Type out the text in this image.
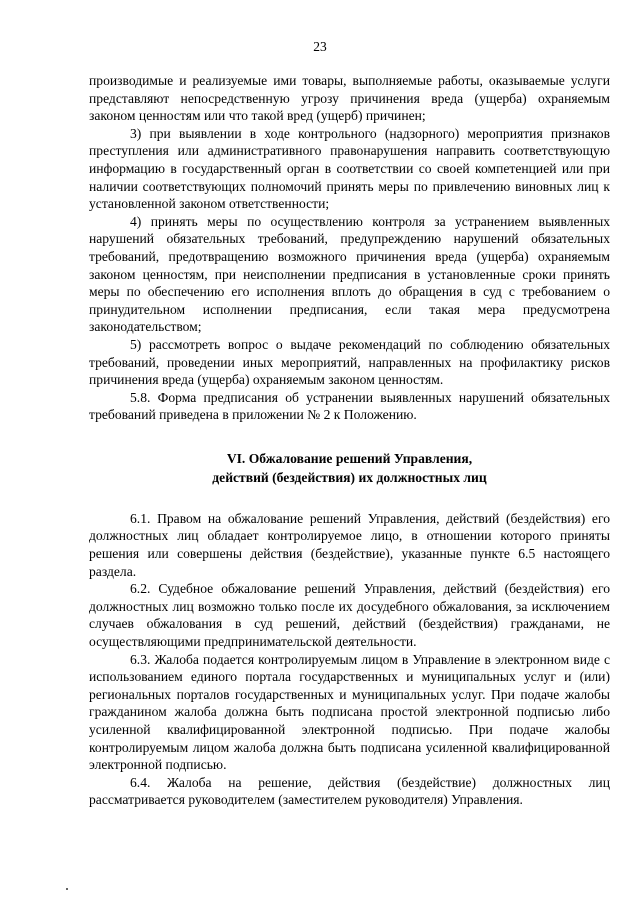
23

производимые и реализуемые ими товары, выполняемые работы, оказываемые услуги представляют непосредственную угрозу причинения вреда (ущерба) охраняемым законом ценностям или что такой вред (ущерб) причинен;

3) при выявлении в ходе контрольного (надзорного) мероприятия признаков преступления или административного правонарушения направить соответствующую информацию в государственный орган в соответствии со своей компетенцией или при наличии соответствующих полномочий принять меры по привлечению виновных лиц к установленной законом ответственности;

4) принять меры по осуществлению контроля за устранением выявленных нарушений обязательных требований, предупреждению нарушений обязательных требований, предотвращению возможного причинения вреда (ущерба) охраняемым законом ценностям, при неисполнении предписания в установленные сроки принять меры по обеспечению его исполнения вплоть до обращения в суд с требованием о принудительном исполнении предписания, если такая мера предусмотрена законодательством;

5) рассмотреть вопрос о выдаче рекомендаций по соблюдению обязательных требований, проведении иных мероприятий, направленных на профилактику рисков причинения вреда (ущерба) охраняемым законом ценностям.

5.8. Форма предписания об устранении выявленных нарушений обязательных требований приведена в приложении № 2 к Положению.

VI. Обжалование решений Управления,
действий (бездействия) их должностных лиц

6.1. Правом на обжалование решений Управления, действий (бездействия) его должностных лиц обладает контролируемое лицо, в отношении которого приняты решения или совершены действия (бездействие), указанные пункте 6.5 настоящего раздела.

6.2. Судебное обжалование решений Управления, действий (бездействия) его должностных лиц возможно только после их досудебного обжалования, за исключением случаев обжалования в суд решений, действий (бездействия) гражданами, не осуществляющими предпринимательской деятельности.

6.3. Жалоба подается контролируемым лицом в Управление в электронном виде с использованием единого портала государственных и муниципальных услуг и (или) региональных порталов государственных и муниципальных услуг. При подаче жалобы гражданином жалоба должна быть подписана простой электронной подписью либо усиленной квалифицированной электронной подписью. При подаче жалобы контролируемым лицом жалоба должна быть подписана усиленной квалифицированной электронной подписью.

6.4. Жалоба на решение, действия (бездействие) должностных лиц рассматривается руководителем (заместителем руководителя) Управления.
